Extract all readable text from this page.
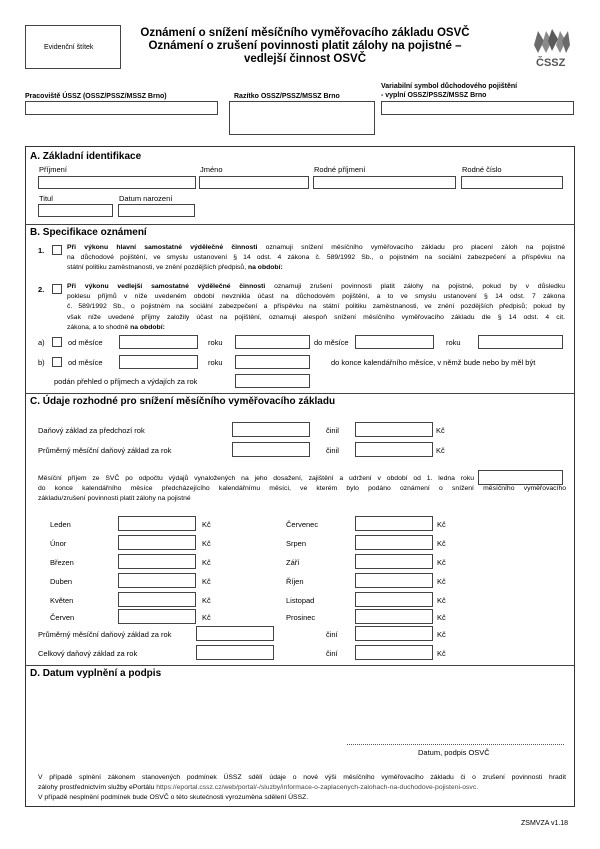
Evidenční štítek
Oznámení o snížení měsíčního vyměřovacího základu OSVČ
Oznámení o zrušení povinnosti platit zálohy na pojistné –
vedlejší činnost OSVČ	ČSSZ
Pracoviště ÚSSZ (OSSZ/PSSZ/MSSZ Brno)	Razítko OSSZ/PSSZ/MSSZ Brno
Variabilní symbol důchodového pojištění
- vyplní OSSZ/PSSZ/MSSZ Brno
A. Základní identifikace
Příjmení	Jméno	Rodné příjmení	Rodné číslo
Titul	Datum narození
B. Specifikace oznámení
1.	Při výkonu hlavní samostatné výdělečné činnosti oznamuji snížení měsíčního vyměřovacího základu pro placení záloh na pojistné
na důchodové pojištění, ve smyslu ustanovení § 14 odst. 4 zákona č. 589/1992 Sb., o pojistném na sociální zabezpečení a příspěvku na
státní politiku zaměstnanosti, ve znění pozdějších předpisů, na období:
2.	Při výkonu vedlejší samostatné výdělečné činnosti oznamuji zrušení povinnosti platit zálohy na pojistné, pokud by v důsledku
poklesu příjmů v níže uvedeném období nevznikla účast na důchodovém pojištění, a to ve smyslu ustanovení § 14 odst. 7 zákona
č. 589/1992 Sb., o pojistném na sociální zabezpečení a příspěvku na státní politiku zaměstnanosti, ve znění pozdějších předpisů; pokud by
však níže uvedené příjmy založily účast na pojištění, oznamuji alespoň snížení měsíčního vyměřovacího základu dle § 14 odst. 4 cit.
zákona, a to shodně na období:
a)	od měsíce	roku	do měsíce	roku
b)	od měsíce	roku	do konce kalendářního měsíce, v němž bude nebo by měl být
podán přehled o příjmech a výdajích za rok
C. Údaje rozhodné pro snížení měsíčního vyměřovacího základu
Daňový základ za předchozí rok	činil	Kč
Průměrný měsíční daňový základ za rok	činil	Kč
Měsíční příjem ze SVČ po odpočtu výdajů vynaložených na jeho dosažení, zajištění a udržení v období od 1. ledna roku
do konce kalendářního měsíce předcházejícího kalendářnímu měsíci, ve kterém bylo podáno oznámení o snížení měsíčního vyměřovacího
základu/zrušení povinnosti platit zálohy na pojistné
Leden	Kč	Červenec	Kč
Únor	Kč	Srpen	Kč
Březen	Kč	Září	Kč
Duben	Kč	Říjen	Kč
Květen	Kč	Listopad	Kč
Červen	Kč	Prosinec	Kč
Průměrný měsíční daňový základ za rok	činí	Kč
Celkový daňový základ za rok	činí	Kč
D. Datum vyplnění a podpis
Datum, podpis OSVČ
V případě splnění zákonem stanovených podmínek ÚSSZ sdělí údaje o nové výši měsíčního vyměřovacího základu či o zrušení povinnosti hradit
zálohy prostřednictvím služby ePortálu https://eportal.cssz.cz/web/portal/-/sluzby/informace-o-zaplacenych-zalohach-na-duchodove-pojisteni-osvc.
V případě nesplnění podmínek bude OSVČ o této skutečnosti vyrozuměna sdělení ÚSSZ.
ZSMVZA v1.18
